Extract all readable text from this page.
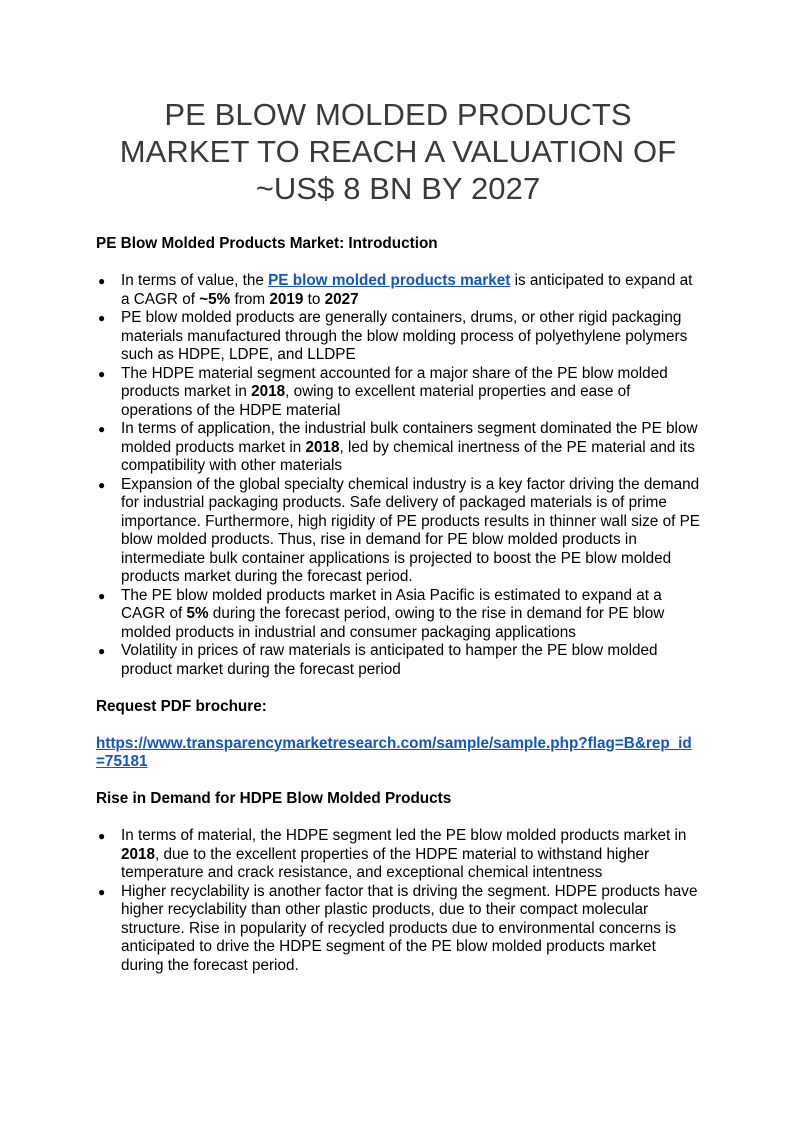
PE BLOW MOLDED PRODUCTS
MARKET TO REACH A VALUATION OF
~US$ 8 BN BY 2027

PE Blow Molded Products Market: Introduction

● In terms of value, the PE blow molded products market is anticipated to expand at a CAGR of ~5% from 2019 to 2027
● PE blow molded products are generally containers, drums, or other rigid packaging materials manufactured through the blow molding process of polyethylene polymers such as HDPE, LDPE, and LLDPE
● The HDPE material segment accounted for a major share of the PE blow molded products market in 2018, owing to excellent material properties and ease of operations of the HDPE material
● In terms of application, the industrial bulk containers segment dominated the PE blow molded products market in 2018, led by chemical inertness of the PE material and its compatibility with other materials
● Expansion of the global specialty chemical industry is a key factor driving the demand for industrial packaging products. Safe delivery of packaged materials is of prime importance. Furthermore, high rigidity of PE products results in thinner wall size of PE blow molded products. Thus, rise in demand for PE blow molded products in intermediate bulk container applications is projected to boost the PE blow molded products market during the forecast period.
● The PE blow molded products market in Asia Pacific is estimated to expand at a CAGR of 5% during the forecast period, owing to the rise in demand for PE blow molded products in industrial and consumer packaging applications
● Volatility in prices of raw materials is anticipated to hamper the PE blow molded product market during the forecast period

Request PDF brochure:

https://www.transparencymarketresearch.com/sample/sample.php?flag=B&rep_id=75181

Rise in Demand for HDPE Blow Molded Products

● In terms of material, the HDPE segment led the PE blow molded products market in 2018, due to the excellent properties of the HDPE material to withstand higher temperature and crack resistance, and exceptional chemical intentness
● Higher recyclability is another factor that is driving the segment. HDPE products have higher recyclability than other plastic products, due to their compact molecular structure. Rise in popularity of recycled products due to environmental concerns is anticipated to drive the HDPE segment of the PE blow molded products market during the forecast period.
